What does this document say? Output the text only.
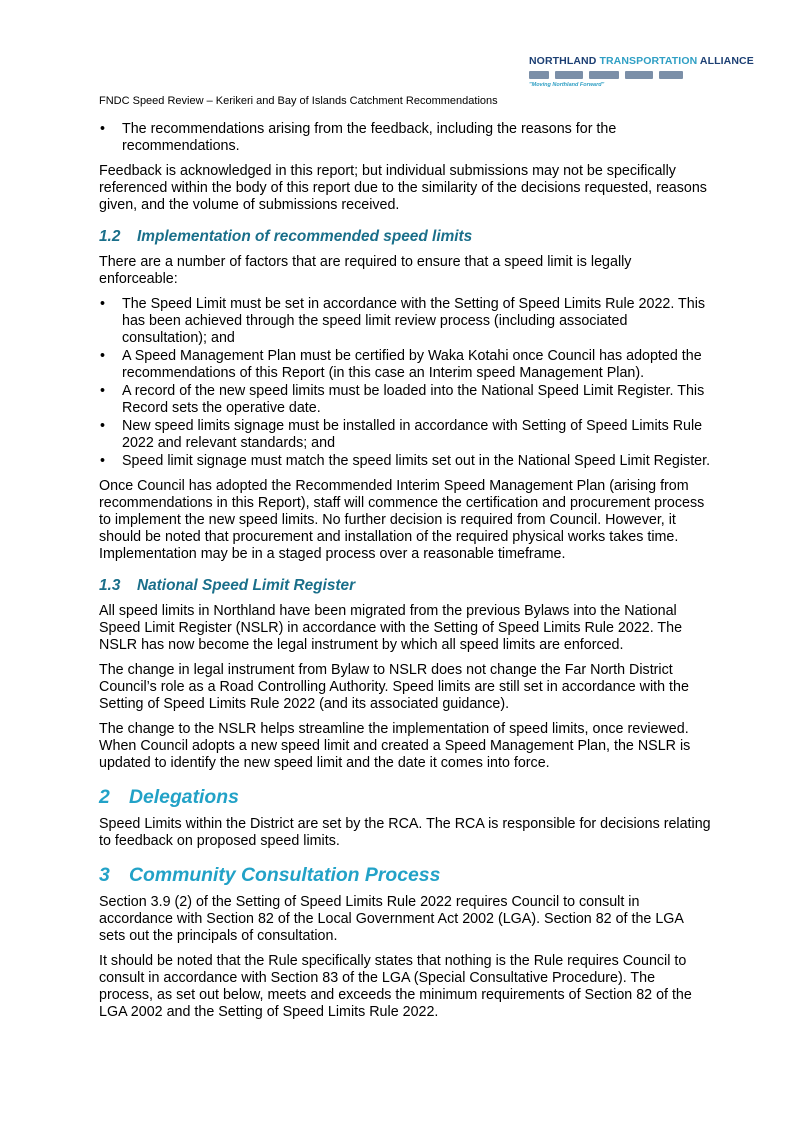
NORTHLAND TRANSPORTATION ALLIANCE
"Moving Northland Forward"
FNDC Speed Review – Kerikeri and Bay of Islands Catchment Recommendations
• The recommendations arising from the feedback, including the reasons for the recommendations.

Feedback is acknowledged in this report; but individual submissions may not be specifically referenced within the body of this report due to the similarity of the decisions requested, reasons given, and the volume of submissions received.

1.2 Implementation of recommended speed limits

There are a number of factors that are required to ensure that a speed limit is legally enforceable:

• The Speed Limit must be set in accordance with the Setting of Speed Limits Rule 2022. This has been achieved through the speed limit review process (including associated consultation); and
• A Speed Management Plan must be certified by Waka Kotahi once Council has adopted the recommendations of this Report (in this case an Interim speed Management Plan).
• A record of the new speed limits must be loaded into the National Speed Limit Register. This Record sets the operative date.
• New speed limits signage must be installed in accordance with Setting of Speed Limits Rule 2022 and relevant standards; and
• Speed limit signage must match the speed limits set out in the National Speed Limit Register.

Once Council has adopted the Recommended Interim Speed Management Plan (arising from recommendations in this Report), staff will commence the certification and procurement process to implement the new speed limits. No further decision is required from Council. However, it should be noted that procurement and installation of the required physical works takes time. Implementation may be in a staged process over a reasonable timeframe.

1.3 National Speed Limit Register

All speed limits in Northland have been migrated from the previous Bylaws into the National Speed Limit Register (NSLR) in accordance with the Setting of Speed Limits Rule 2022. The NSLR has now become the legal instrument by which all speed limits are enforced.

The change in legal instrument from Bylaw to NSLR does not change the Far North District Council’s role as a Road Controlling Authority. Speed limits are still set in accordance with the Setting of Speed Limits Rule 2022 (and its associated guidance).

The change to the NSLR helps streamline the implementation of speed limits, once reviewed. When Council adopts a new speed limit and created a Speed Management Plan, the NSLR is updated to identify the new speed limit and the date it comes into force.

2 Delegations

Speed Limits within the District are set by the RCA. The RCA is responsible for decisions relating to feedback on proposed speed limits.

3 Community Consultation Process

Section 3.9 (2) of the Setting of Speed Limits Rule 2022 requires Council to consult in accordance with Section 82 of the Local Government Act 2002 (LGA). Section 82 of the LGA sets out the principals of consultation.

It should be noted that the Rule specifically states that nothing is the Rule requires Council to consult in accordance with Section 83 of the LGA (Special Consultative Procedure). The process, as set out below, meets and exceeds the minimum requirements of Section 82 of the LGA 2002 and the Setting of Speed Limits Rule 2022.
